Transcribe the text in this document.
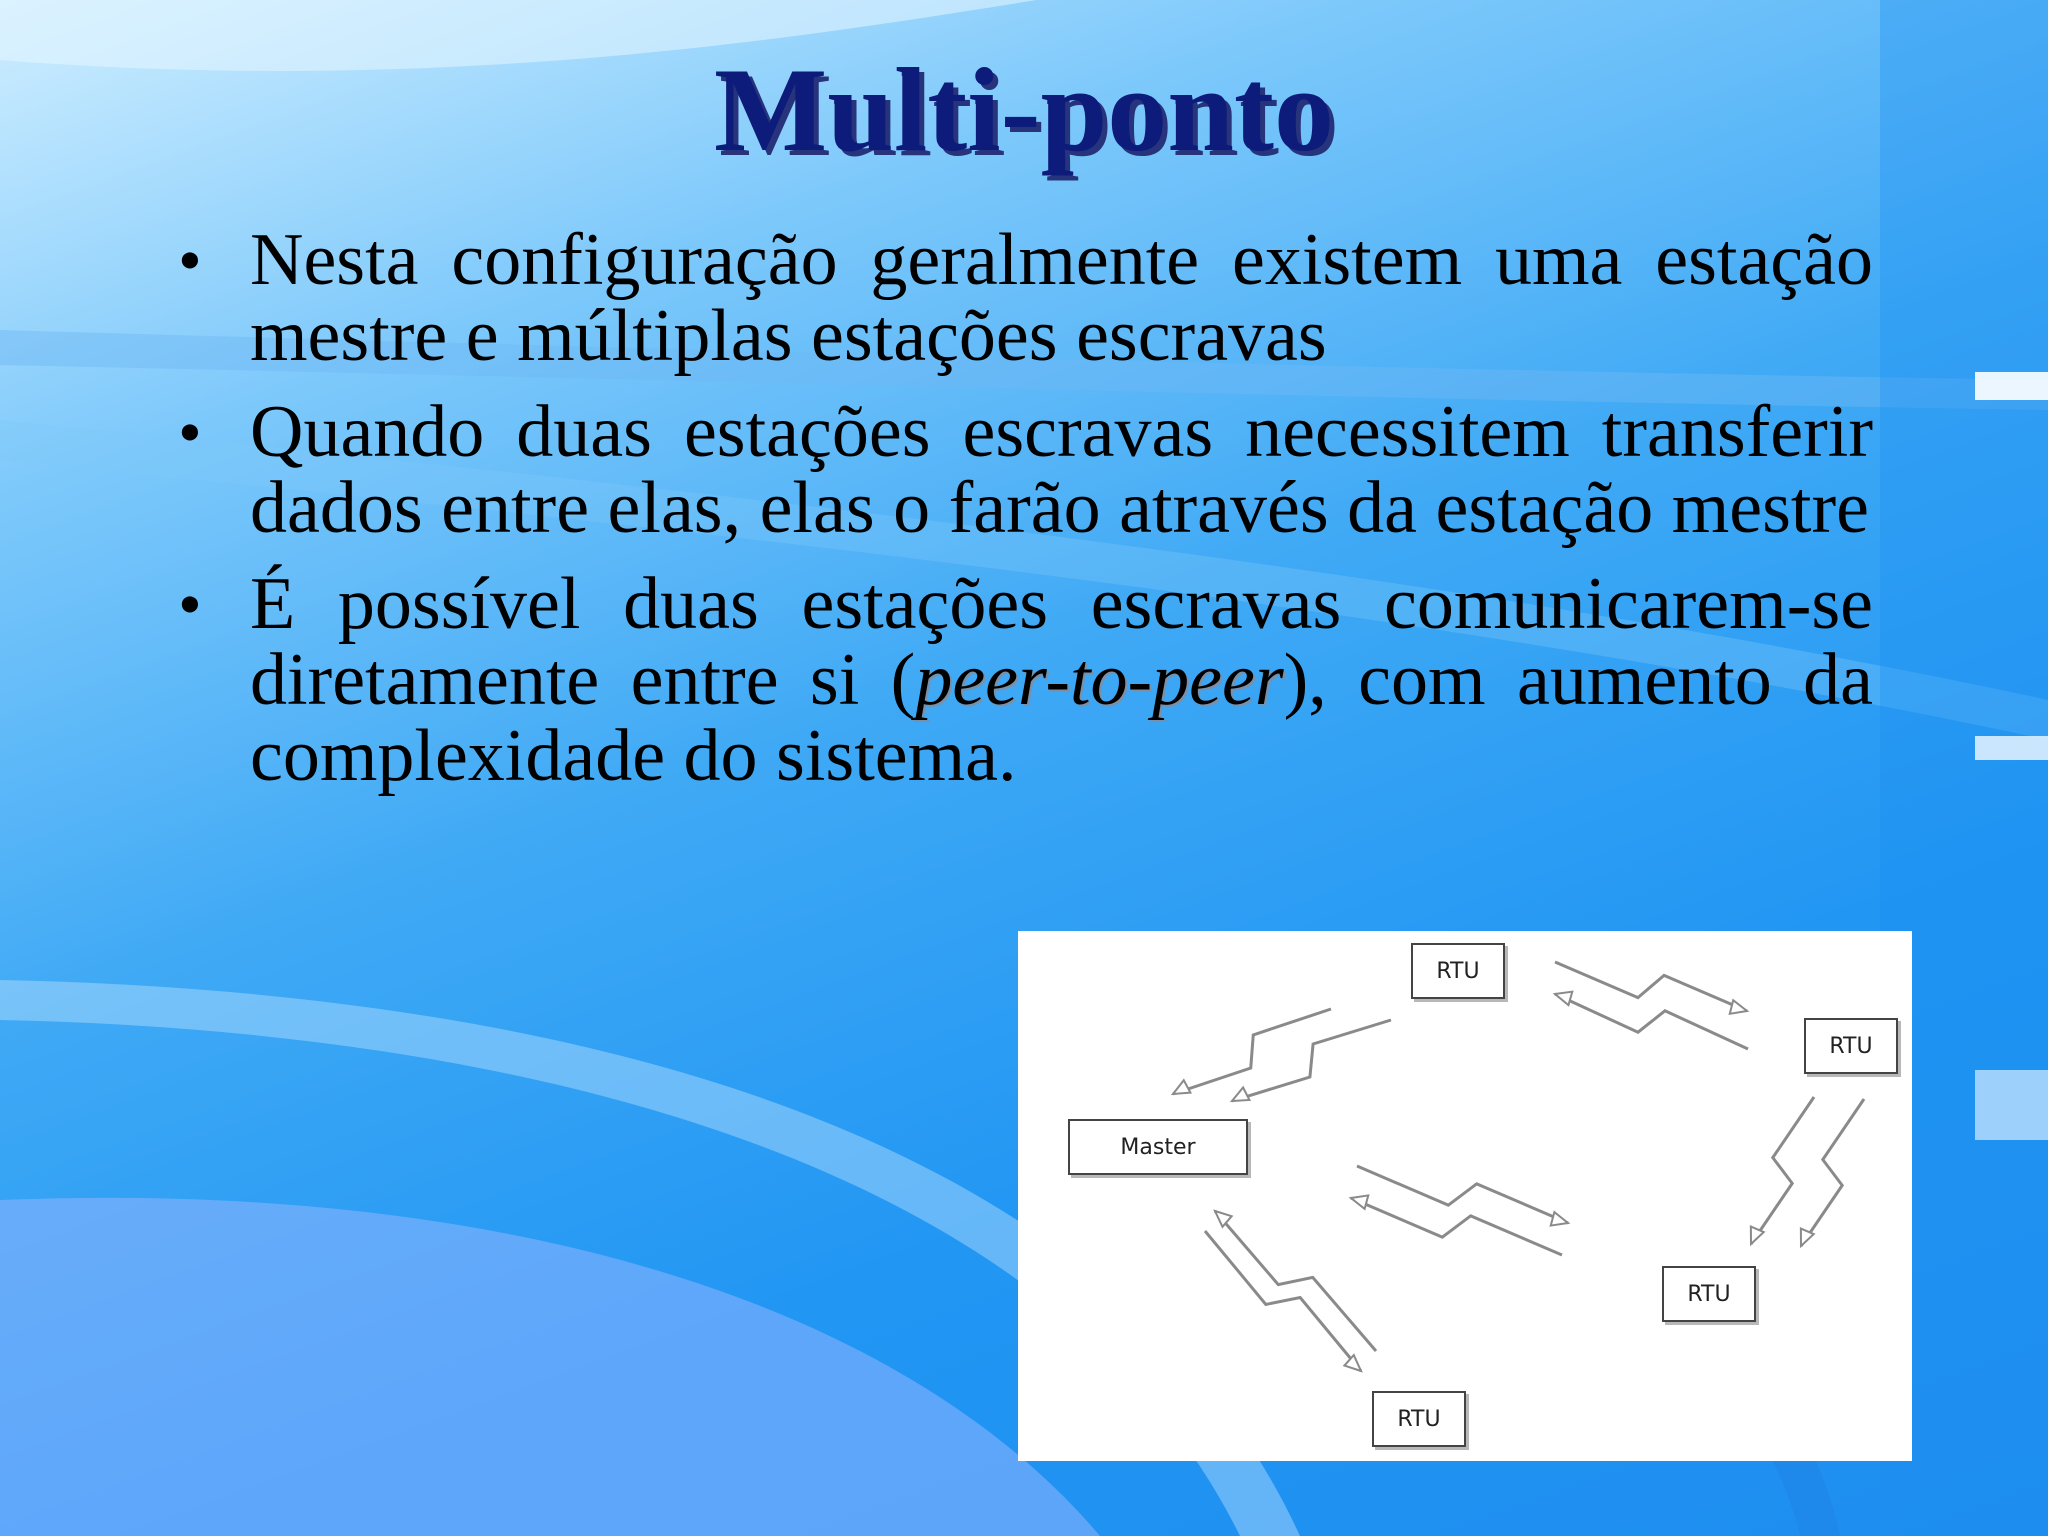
Multi-ponto
• Nesta configuração geralmente existem uma estação mestre e múltiplas estações escravas
• Quando duas estações escravas necessitem transferir dados entre elas, elas o farão através da estação mestre
• É possível duas estações escravas comunicarem-se diretamente entre si (peer-to-peer), com aumento da complexidade do sistema.
Master
RTU
RTU
RTU
RTU
